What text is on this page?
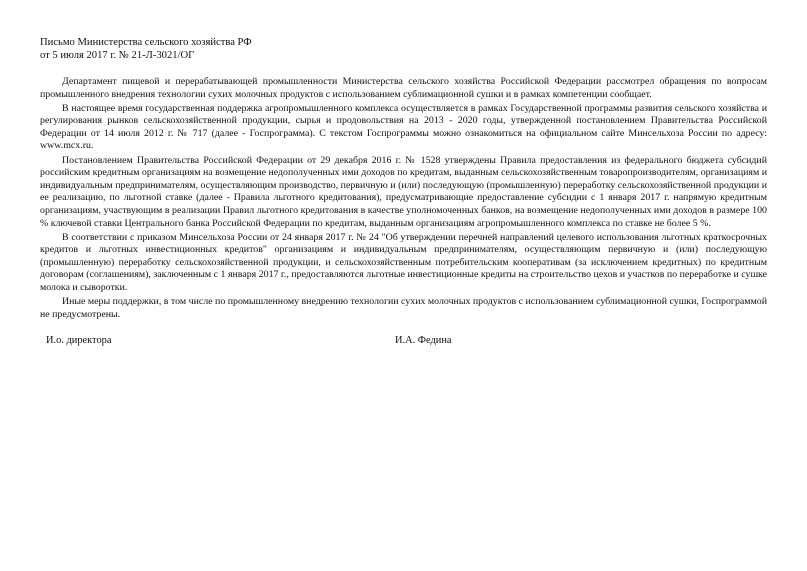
Письмо Министерства сельского хозяйства РФ

от 5 июля 2017 г. № 21-Л-3021/ОГ

Департамент пищевой и перерабатывающей промышленности Министерства сельского хозяйства Российской Федерации рассмотрел обращения по вопросам промышленного внедрения технологии сухих молочных продуктов с использованием сублимационной сушки и в рамках компетенции сообщает.

В настоящее время государственная поддержка агропромышленного комплекса осуществляется в рамках Государственной программы развития сельского хозяйства и регулирования рынков сельскохозяйственной продукции, сырья и продовольствия на 2013 - 2020 годы, утвержденной постановлением Правительства Российской Федерации от 14 июля 2012 г. № 717 (далее - Госпрограмма). С текстом Госпрограммы можно ознакомиться на официальном сайте Минсельхоза России по адресу: www.mcx.ru.

Постановлением Правительства Российской Федерации от 29 декабря 2016 г. № 1528 утверждены Правила предоставления из федерального бюджета субсидий российским кредитным организациям на возмещение недополученных ими доходов по кредитам, выданным сельскохозяйственным товаропроизводителям, организациям и индивидуальным предпринимателям, осуществляющим производство, первичную и (или) последующую (промышленную) переработку сельскохозяйственной продукции и ее реализацию, по льготной ставке (далее - Правила льготного кредитования), предусматривающие предоставление субсидии с 1 января 2017 г. напрямую кредитным организациям, участвующим в реализации Правил льготного кредитования в качестве уполномоченных банков, на возмещение недополученных ими доходов в размере 100 % ключевой ставки Центрального банка Российской Федерации по кредитам, выданным организациям агропромышленного комплекса по ставке не более 5 %.

В соответствии с приказом Минсельхоза России от 24 января 2017 г. № 24 "Об утверждении перечней направлений целевого использования льготных краткосрочных кредитов и льготных инвестиционных кредитов" организациям и индивидуальным предпринимателям, осуществляющим первичную и (или) последующую (промышленную) переработку сельскохозяйственной продукции, и сельскохозяйственным потребительским кооперативам (за исключением кредитных) по кредитным договорам (соглашениям), заключенным с 1 января 2017 г., предоставляются льготные инвестиционные кредиты на строительство цехов и участков по переработке и сушке молока и сыворотки.

Иные меры поддержки, в том числе по промышленному внедрению технологии сухих молочных продуктов с использованием сублимационной сушки, Госпрограммой не предусмотрены.

И.о. директора	И.А. Федина
